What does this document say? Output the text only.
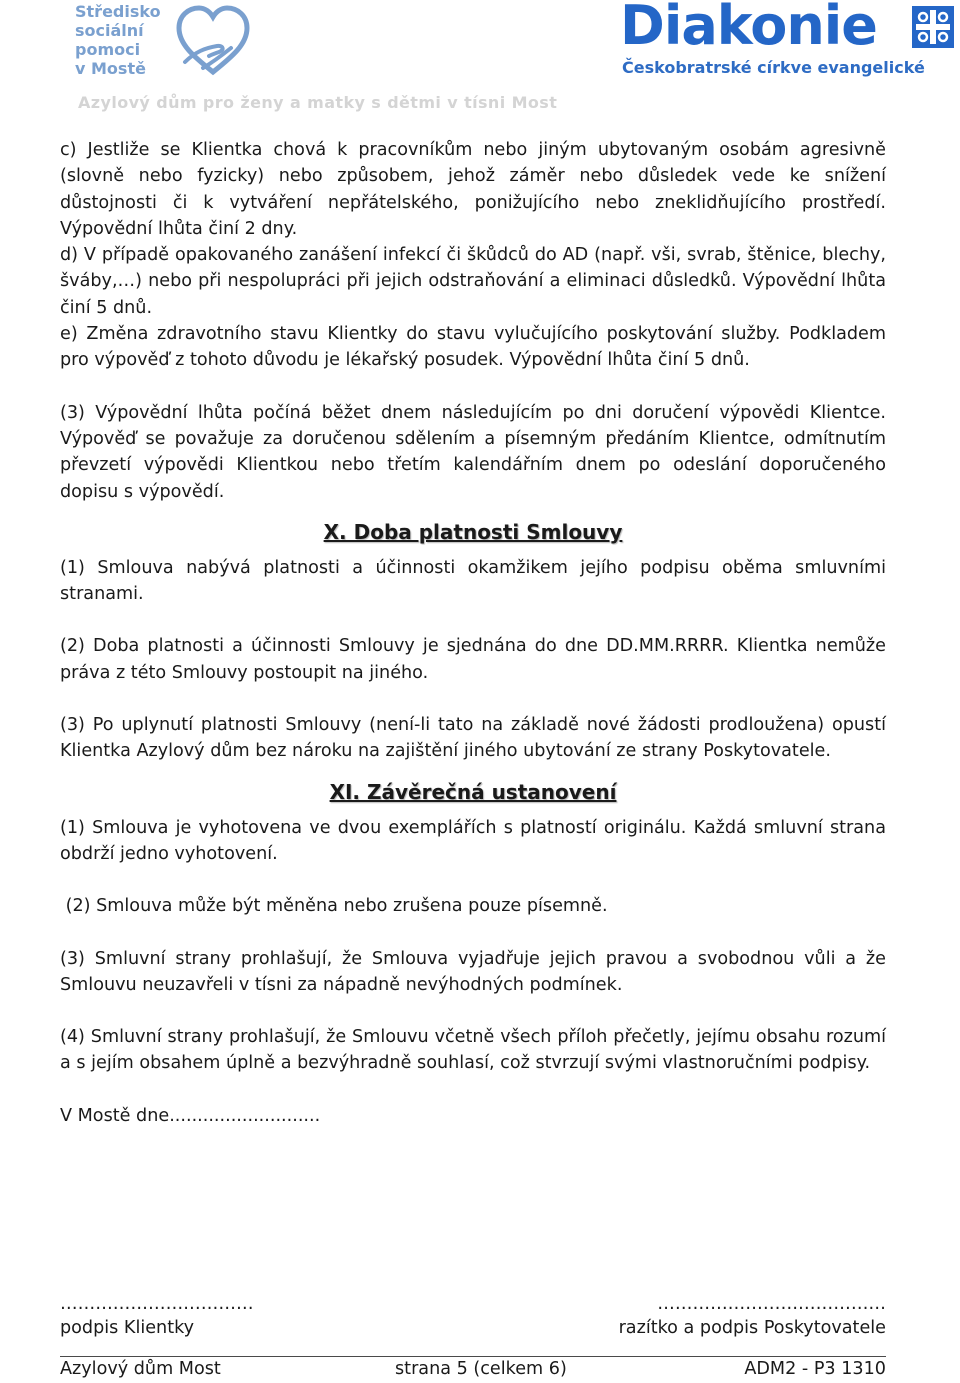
Středisko
sociální
pomoci
v Mostě
Diakonie
Českobratrské církve evangelické
Azylový dům pro ženy a matky s dětmi v tísni Most

c) Jestliže se Klientka chová k pracovníkům nebo jiným ubytovaným osobám agresivně (slovně nebo fyzicky) nebo způsobem, jehož záměr nebo důsledek vede ke snížení důstojnosti či k vytváření nepřátelského, ponižujícího nebo zneklidňujícího prostředí. Výpovědní lhůta činí 2 dny.

d) V případě opakovaného zanášení infekcí či škůdců do AD (např. vši, svrab, štěnice, blechy, šváby,…) nebo při nespolupráci při jejich odstraňování a eliminaci důsledků. Výpovědní lhůta činí 5 dnů.

e) Změna zdravotního stavu Klientky do stavu vylučujícího poskytování služby. Podkladem pro výpověď z tohoto důvodu je lékařský posudek. Výpovědní lhůta činí 5 dnů.

(3) Výpovědní lhůta počíná běžet dnem následujícím po dni doručení výpovědi Klientce. Výpověď se považuje za doručenou sdělením a písemným předáním Klientce, odmítnutím převzetí výpovědi Klientkou nebo třetím kalendářním dnem po odeslání doporučeného dopisu s výpovědí.

X. Doba platnosti Smlouvy

(1) Smlouva nabývá platnosti a účinnosti okamžikem jejího podpisu oběma smluvními stranami.

(2) Doba platnosti a účinnosti Smlouvy je sjednána do dne DD.MM.RRRR. Klientka nemůže práva z této Smlouvy postoupit na jiného.

(3) Po uplynutí platnosti Smlouvy (není-li tato na základě nové žádosti prodloužena) opustí Klientka Azylový dům bez nároku na zajištění jiného ubytování ze strany Poskytovatele.

XI. Závěrečná ustanovení

(1) Smlouva je vyhotovena ve dvou exemplářích s platností originálu. Každá smluvní strana obdrží jedno vyhotovení.

(2) Smlouva může být měněna nebo zrušena pouze písemně.

(3) Smluvní strany prohlašují, že Smlouva vyjadřuje jejich pravou a svobodnou vůli a že Smlouvu neuzavřeli v tísni za nápadně nevýhodných podmínek.

(4) Smluvní strany prohlašují, že Smlouvu včetně všech příloh přečetly, jejímu obsahu rozumí a s jejím obsahem úplně a bezvýhradně souhlasí, což stvrzují svými vlastnoručními podpisy.

V Mostě dne...........................

……………………………	…………………………………
podpis Klientky	razítko a podpis Poskytovatele
Azylový dům Most	strana 5 (celkem 6)	ADM2 - P3 1310
